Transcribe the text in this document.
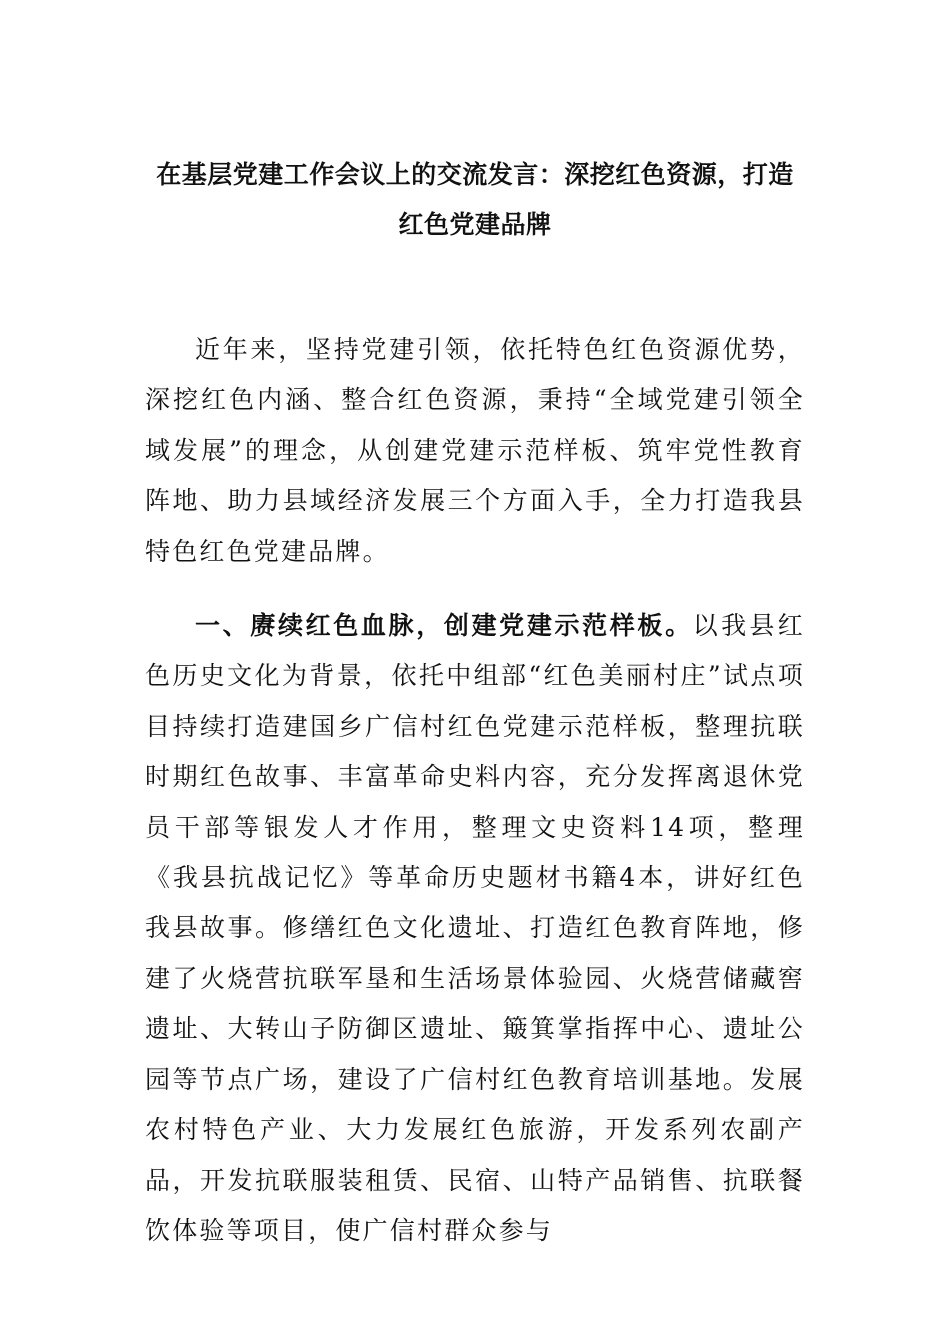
在基层党建工作会议上的交流发言：深挖红色资源，打造
红色党建品牌

近年来，坚持党建引领，依托特色红色资源优势，深挖红色内涵、整合红色资源，秉持“全域党建引领全域发展”的理念，从创建党建示范样板、筑牢党性教育阵地、助力县域经济发展三个方面入手，全力打造我县特色红色党建品牌。

一、赓续红色血脉，创建党建示范样板。以我县红色历史文化为背景，依托中组部“红色美丽村庄”试点项目持续打造建国乡广信村红色党建示范样板，整理抗联时期红色故事、丰富革命史料内容，充分发挥离退休党员干部等银发人才作用，整理文史资料14项，整理《我县抗战记忆》等革命历史题材书籍4本，讲好红色我县故事。修缮红色文化遗址、打造红色教育阵地，修建了火烧营抗联军垦和生活场景体验园、火烧营储藏窖遗址、大转山子防御区遗址、簸箕掌指挥中心、遗址公园等节点广场，建设了广信村红色教育培训基地。发展农村特色产业、大力发展红色旅游，开发系列农副产品，开发抗联服装租赁、民宿、山特产品销售、抗联餐饮体验等项目，使广信村群众参与
